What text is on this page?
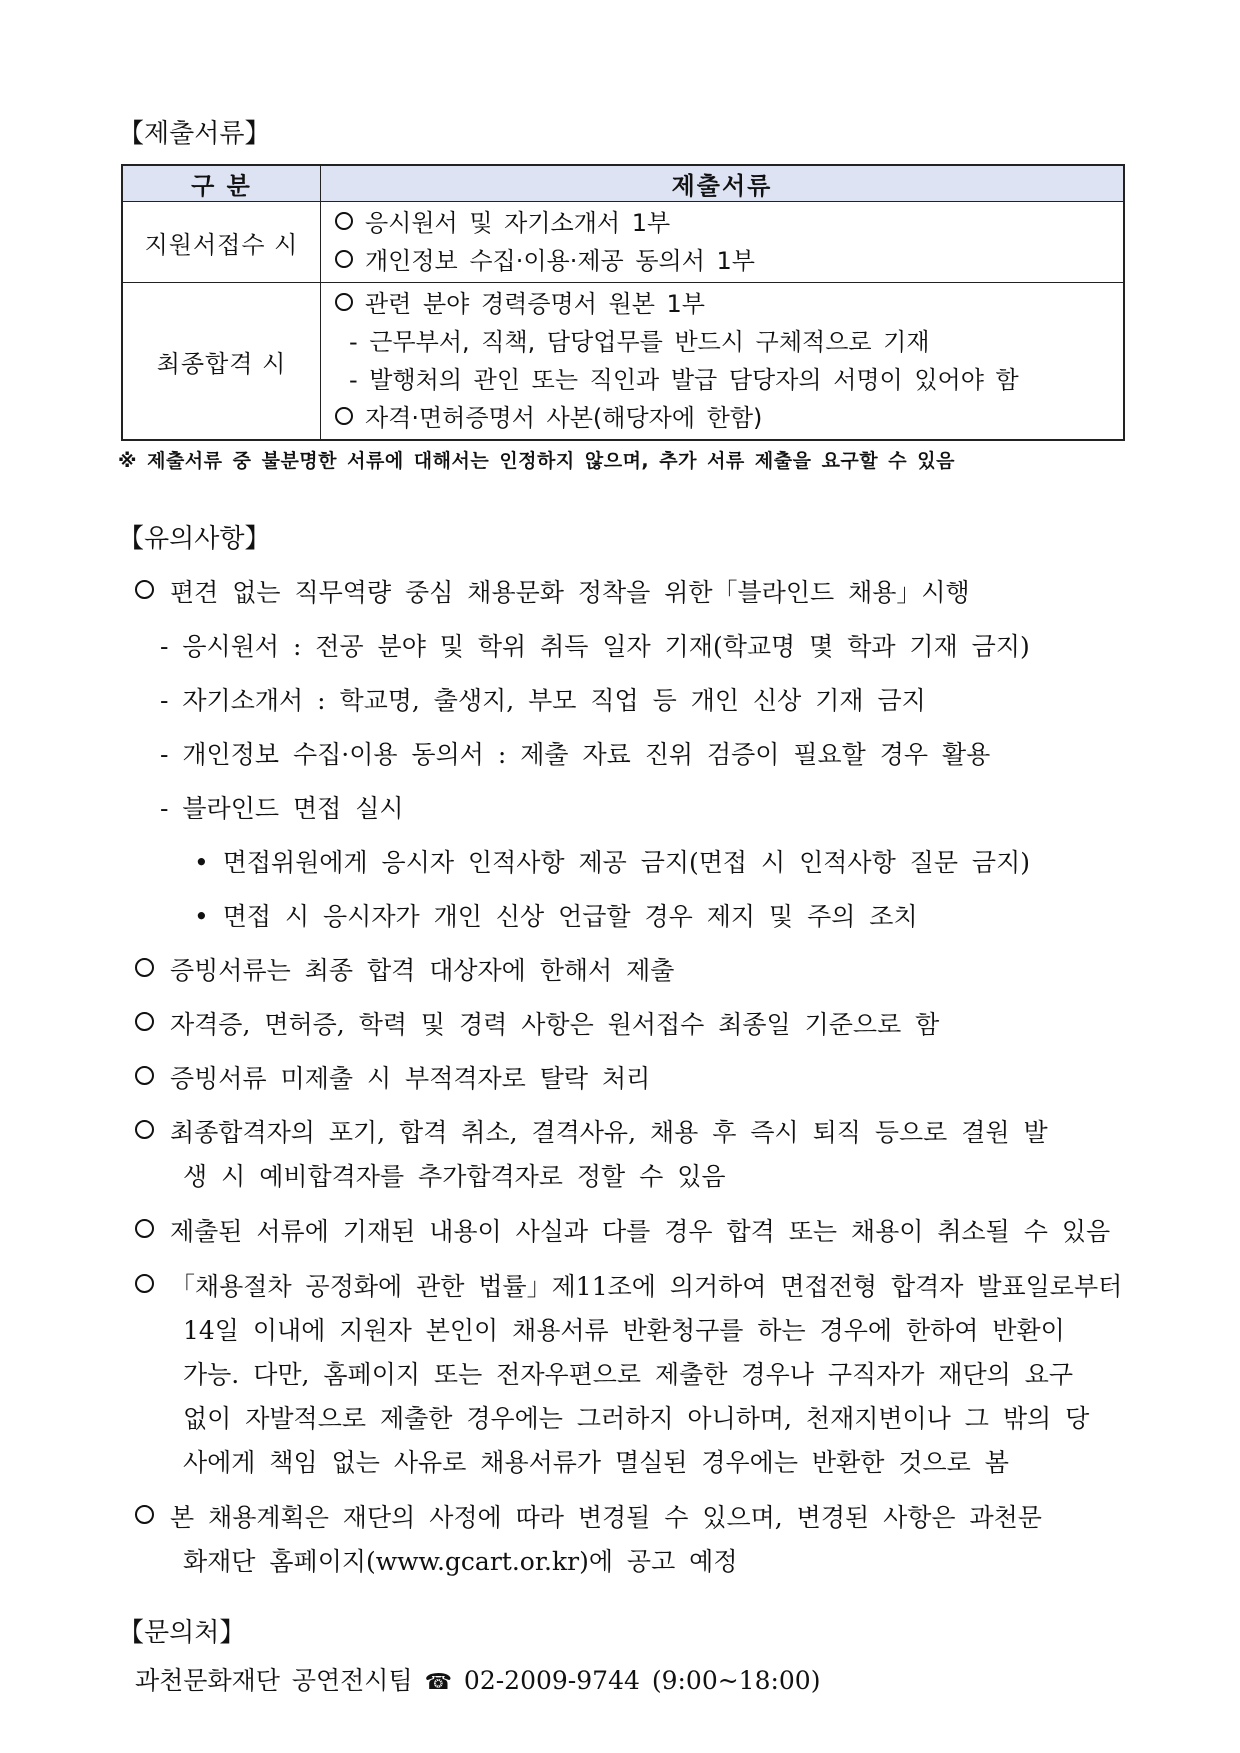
【제출서류】
구 분	제출서류
지원서접수 시	응시원서 및 자기소개서 1부
개인정보 수집·이용·제공 동의서 1부

최종합격 시	관련 분야 경력증명서 원본 1부
- 근무부서, 직책, 담당업무를 반드시 구체적으로 기재
- 발행처의 관인 또는 직인과 발급 담당자의 서명이 있어야 함
자격·면허증명서 사본(해당자에 한함)
※ 제출서류 중 불분명한 서류에 대해서는 인정하지 않으며, 추가 서류 제출을 요구할 수 있음
【유의사항】
편견 없는 직무역량 중심 채용문화 정착을 위한「블라인드 채용」시행
- 응시원서 : 전공 분야 및 학위 취득 일자 기재(학교명 몇 학과 기재 금지)
- 자기소개서 : 학교명, 출생지, 부모 직업 등 개인 신상 기재 금지
- 개인정보 수집·이용 동의서 : 제출 자료 진위 검증이 필요할 경우 활용
- 블라인드 면접 실시
• 면접위원에게 응시자 인적사항 제공 금지(면접 시 인적사항 질문 금지)
• 면접 시 응시자가 개인 신상 언급할 경우 제지 및 주의 조치
증빙서류는 최종 합격 대상자에 한해서 제출
자격증, 면허증, 학력 및 경력 사항은 원서접수 최종일 기준으로 함
증빙서류 미제출 시 부적격자로 탈락 처리
최종합격자의 포기, 합격 취소, 결격사유, 채용 후 즉시 퇴직 등으로 결원 발
생 시 예비합격자를 추가합격자로 정할 수 있음
제출된 서류에 기재된 내용이 사실과 다를 경우 합격 또는 채용이 취소될 수 있음
「채용절차 공정화에 관한 법률」제11조에 의거하여 면접전형 합격자 발표일로부터
14일 이내에 지원자 본인이 채용서류 반환청구를 하는 경우에 한하여 반환이
가능. 다만, 홈페이지 또는 전자우편으로 제출한 경우나 구직자가 재단의 요구
없이 자발적으로 제출한 경우에는 그러하지 아니하며, 천재지변이나 그 밖의 당
사에게 책임 없는 사유로 채용서류가 멸실된 경우에는 반환한 것으로 봄
본 채용계획은 재단의 사정에 따라 변경될 수 있으며, 변경된 사항은 과천문
화재단 홈페이지(www.gcart.or.kr)에 공고 예정
【문의처】
과천문화재단 공연전시팀 ☎ 02-2009-9744 (9:00~18:00)
